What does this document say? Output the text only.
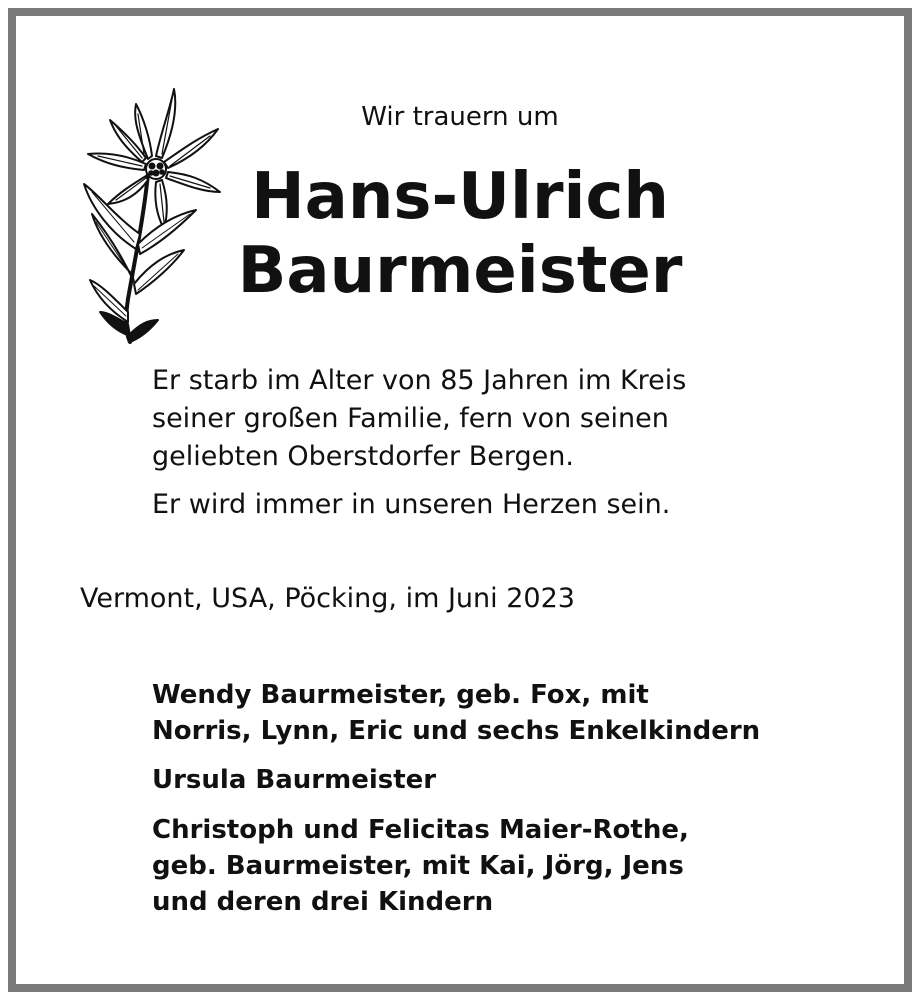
Wir trauern um
Hans-Ulrich
Baurmeister
Er starb im Alter von 85 Jahren im Kreis
seiner großen Familie, fern von seinen
geliebten Oberstdorfer Bergen.
Er wird immer in unseren Herzen sein.
Vermont, USA, Pöcking, im Juni 2023
Wendy Baurmeister, geb. Fox, mit
Norris, Lynn, Eric und sechs Enkelkindern
Ursula Baurmeister
Christoph und Felicitas Maier-Rothe,
geb. Baurmeister, mit Kai, Jörg, Jens
und deren drei Kindern
